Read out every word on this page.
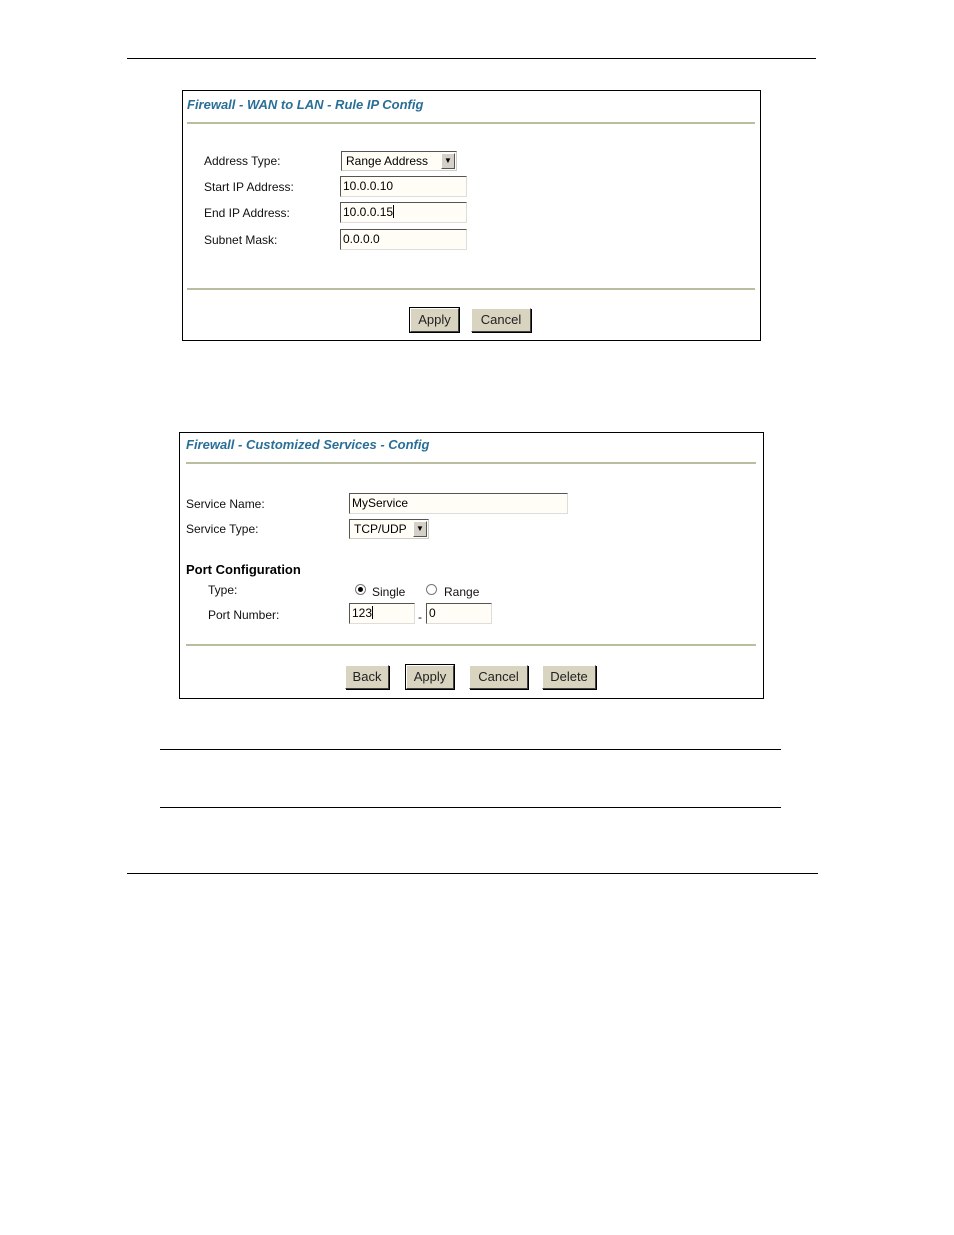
Firewall - WAN to LAN - Rule IP Config
Address Type:	Range Address	▼
Start IP Address:	10.0.0.10
End IP Address:	10.0.0.15
Subnet Mask:	0.0.0.0
Apply	Cancel
Firewall - Customized Services - Config
Service Name:	MyService
Service Type:	TCP/UDP	▼
Port Configuration
Type:	Single	Range
Port Number:	123	- 0
Back	Apply	Cancel	Delete
